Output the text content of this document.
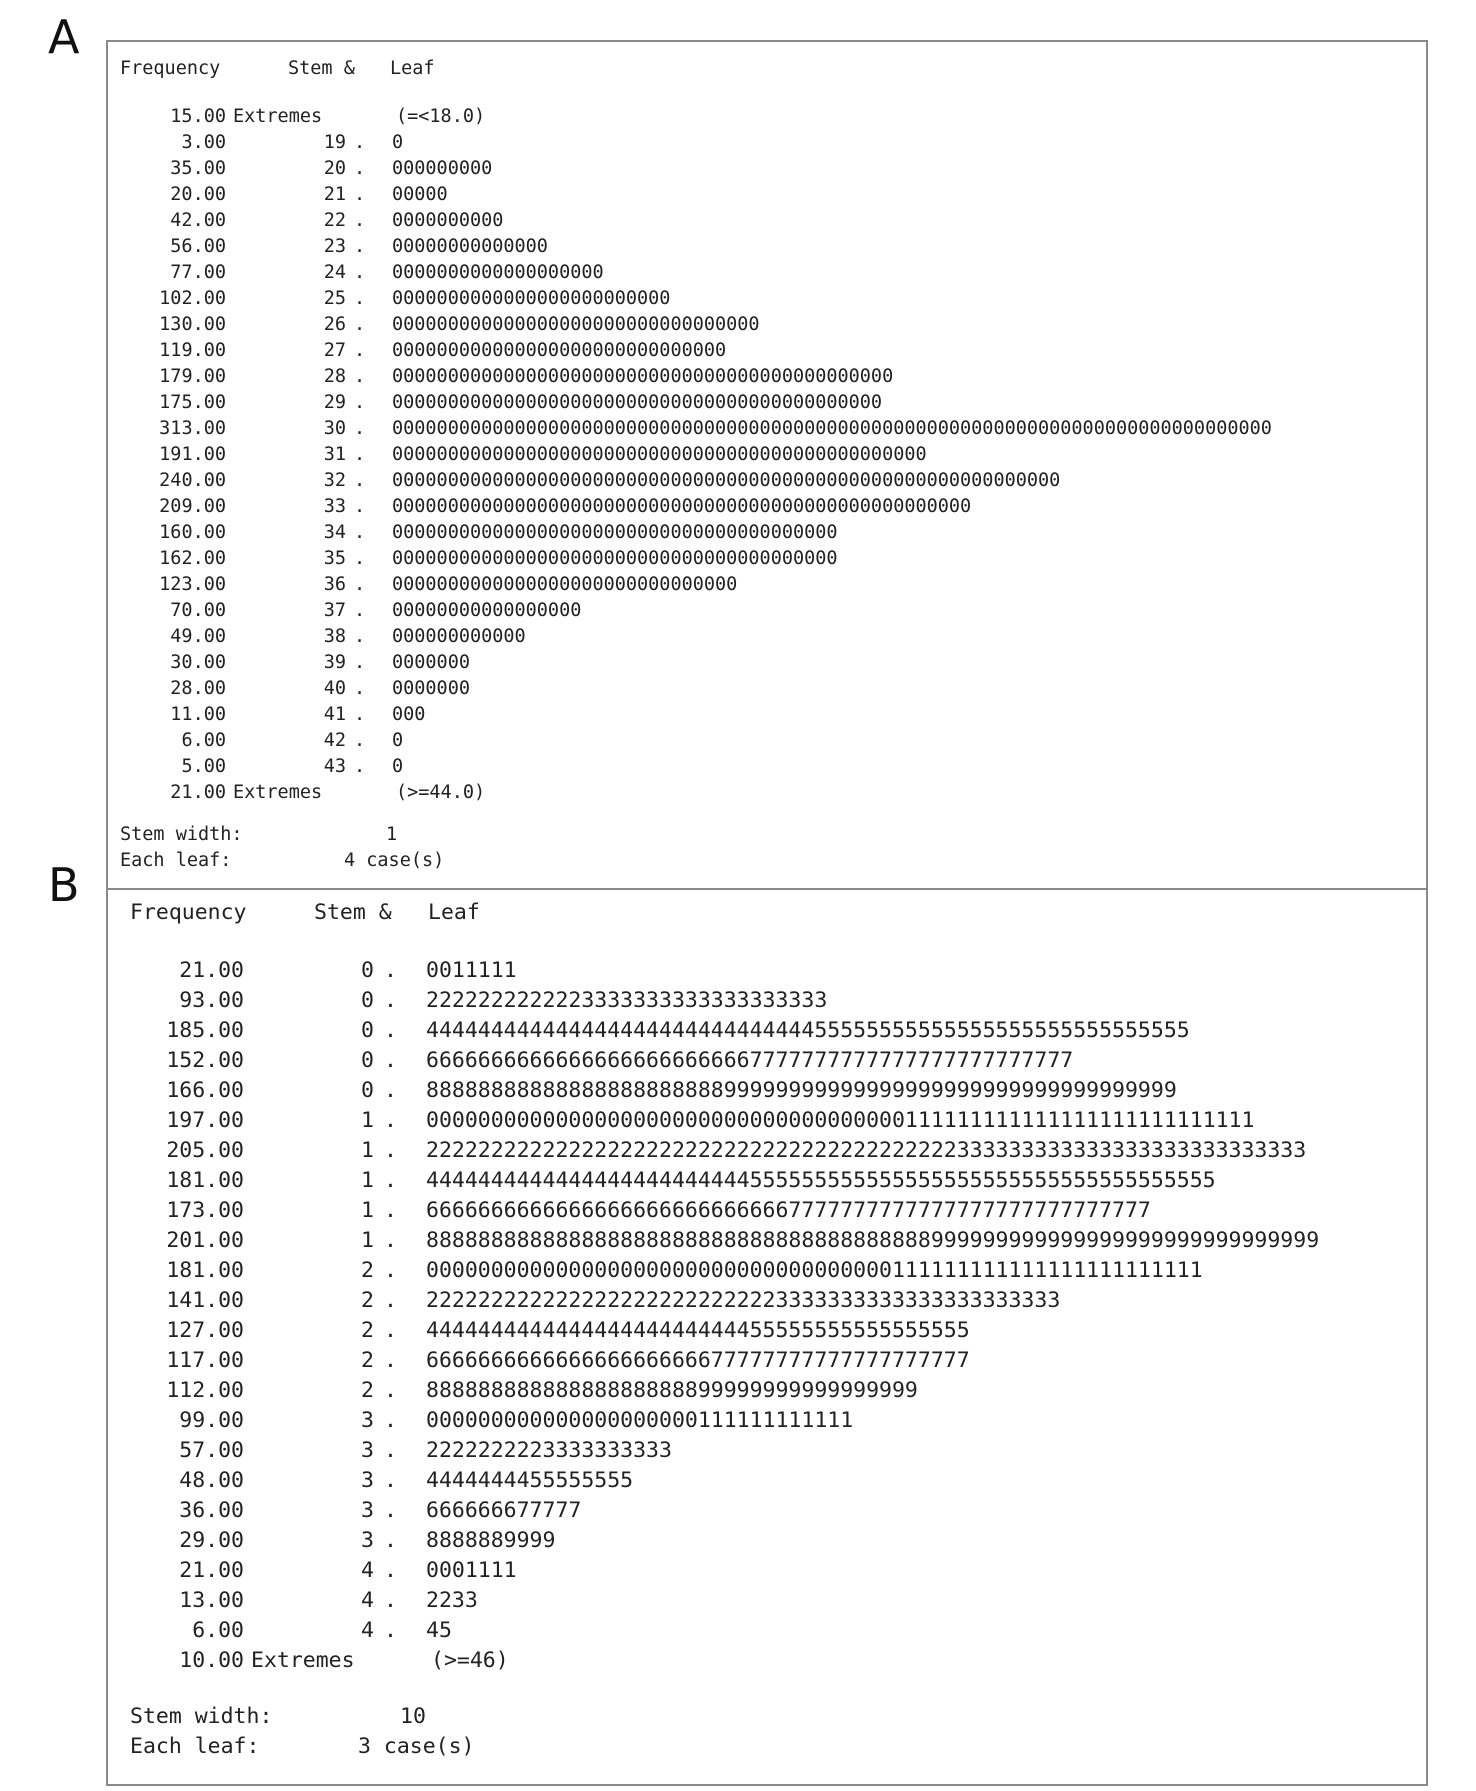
A
B
Frequency	Stem & Leaf
15.00 Extremes	(=<18.0)
3.00	19 . 0
35.00	20 . 000000000
20.00	21 . 00000
42.00	22 . 0000000000
56.00	23 . 00000000000000
77.00	24 . 0000000000000000000
102.00	25 . 0000000000000000000000000
130.00	26 . 000000000000000000000000000000000
119.00	27 . 000000000000000000000000000000
179.00	28 . 000000000000000000000000000000000000000000000
175.00	29 . 00000000000000000000000000000000000000000000
313.00	30 . 0000000000000000000000000000000000000000000000000000000000000000000000000000000
191.00	31 . 000000000000000000000000000000000000000000000000
240.00	32 . 000000000000000000000000000000000000000000000000000000000000
209.00	33 . 0000000000000000000000000000000000000000000000000000
160.00	34 . 0000000000000000000000000000000000000000
162.00	35 . 0000000000000000000000000000000000000000
123.00	36 . 0000000000000000000000000000000
70.00	37 . 00000000000000000
49.00	38 . 000000000000
30.00	39 . 0000000
28.00	40 . 0000000
11.00	41 . 000
6.00	42 . 0
5.00	43 . 0
21.00 Extremes	(>=44.0)
Stem width:	1
Each leaf:	4 case(s)
Frequency	Stem & Leaf
21.00	0 . 0011111
93.00	0 . 2222222222223333333333333333333
185.00	0 . 44444444444444444444444444444455555555555555555555555555555
152.00	0 . 66666666666666666666666667777777777777777777777777
166.00	0 . 8888888888888888888888899999999999999999999999999999999999
197.00	1 . 0000000000000000000000000000000000000111111111111111111111111111
205.00	1 . 22222222222222222222222222222222222222222333333333333333333333333333
181.00	1 . 4444444444444444444444444555555555555555555555555555555555555
173.00	1 . 66666666666666666666666666667777777777777777777777777777
201.00	1 . 888888888888888888888888888888888888888999999999999999999999999999999
181.00	2 . 000000000000000000000000000000000000111111111111111111111111
141.00	2 . 2222222222222222222222222223333333333333333333333
127.00	2 . 444444444444444444444444455555555555555555
117.00	2 . 666666666666666666666677777777777777777777
112.00	2 . 88888888888888888888899999999999999999
99.00	3 . 000000000000000000000111111111111
57.00	3 . 2222222223333333333
48.00	3 . 4444444455555555
36.00	3 . 666666677777
29.00	3 . 8888889999
21.00	4 . 0001111
13.00	4 . 2233
6.00	4 . 45
10.00 Extremes	(>=46)
Stem width:	10
Each leaf:	3 case(s)
